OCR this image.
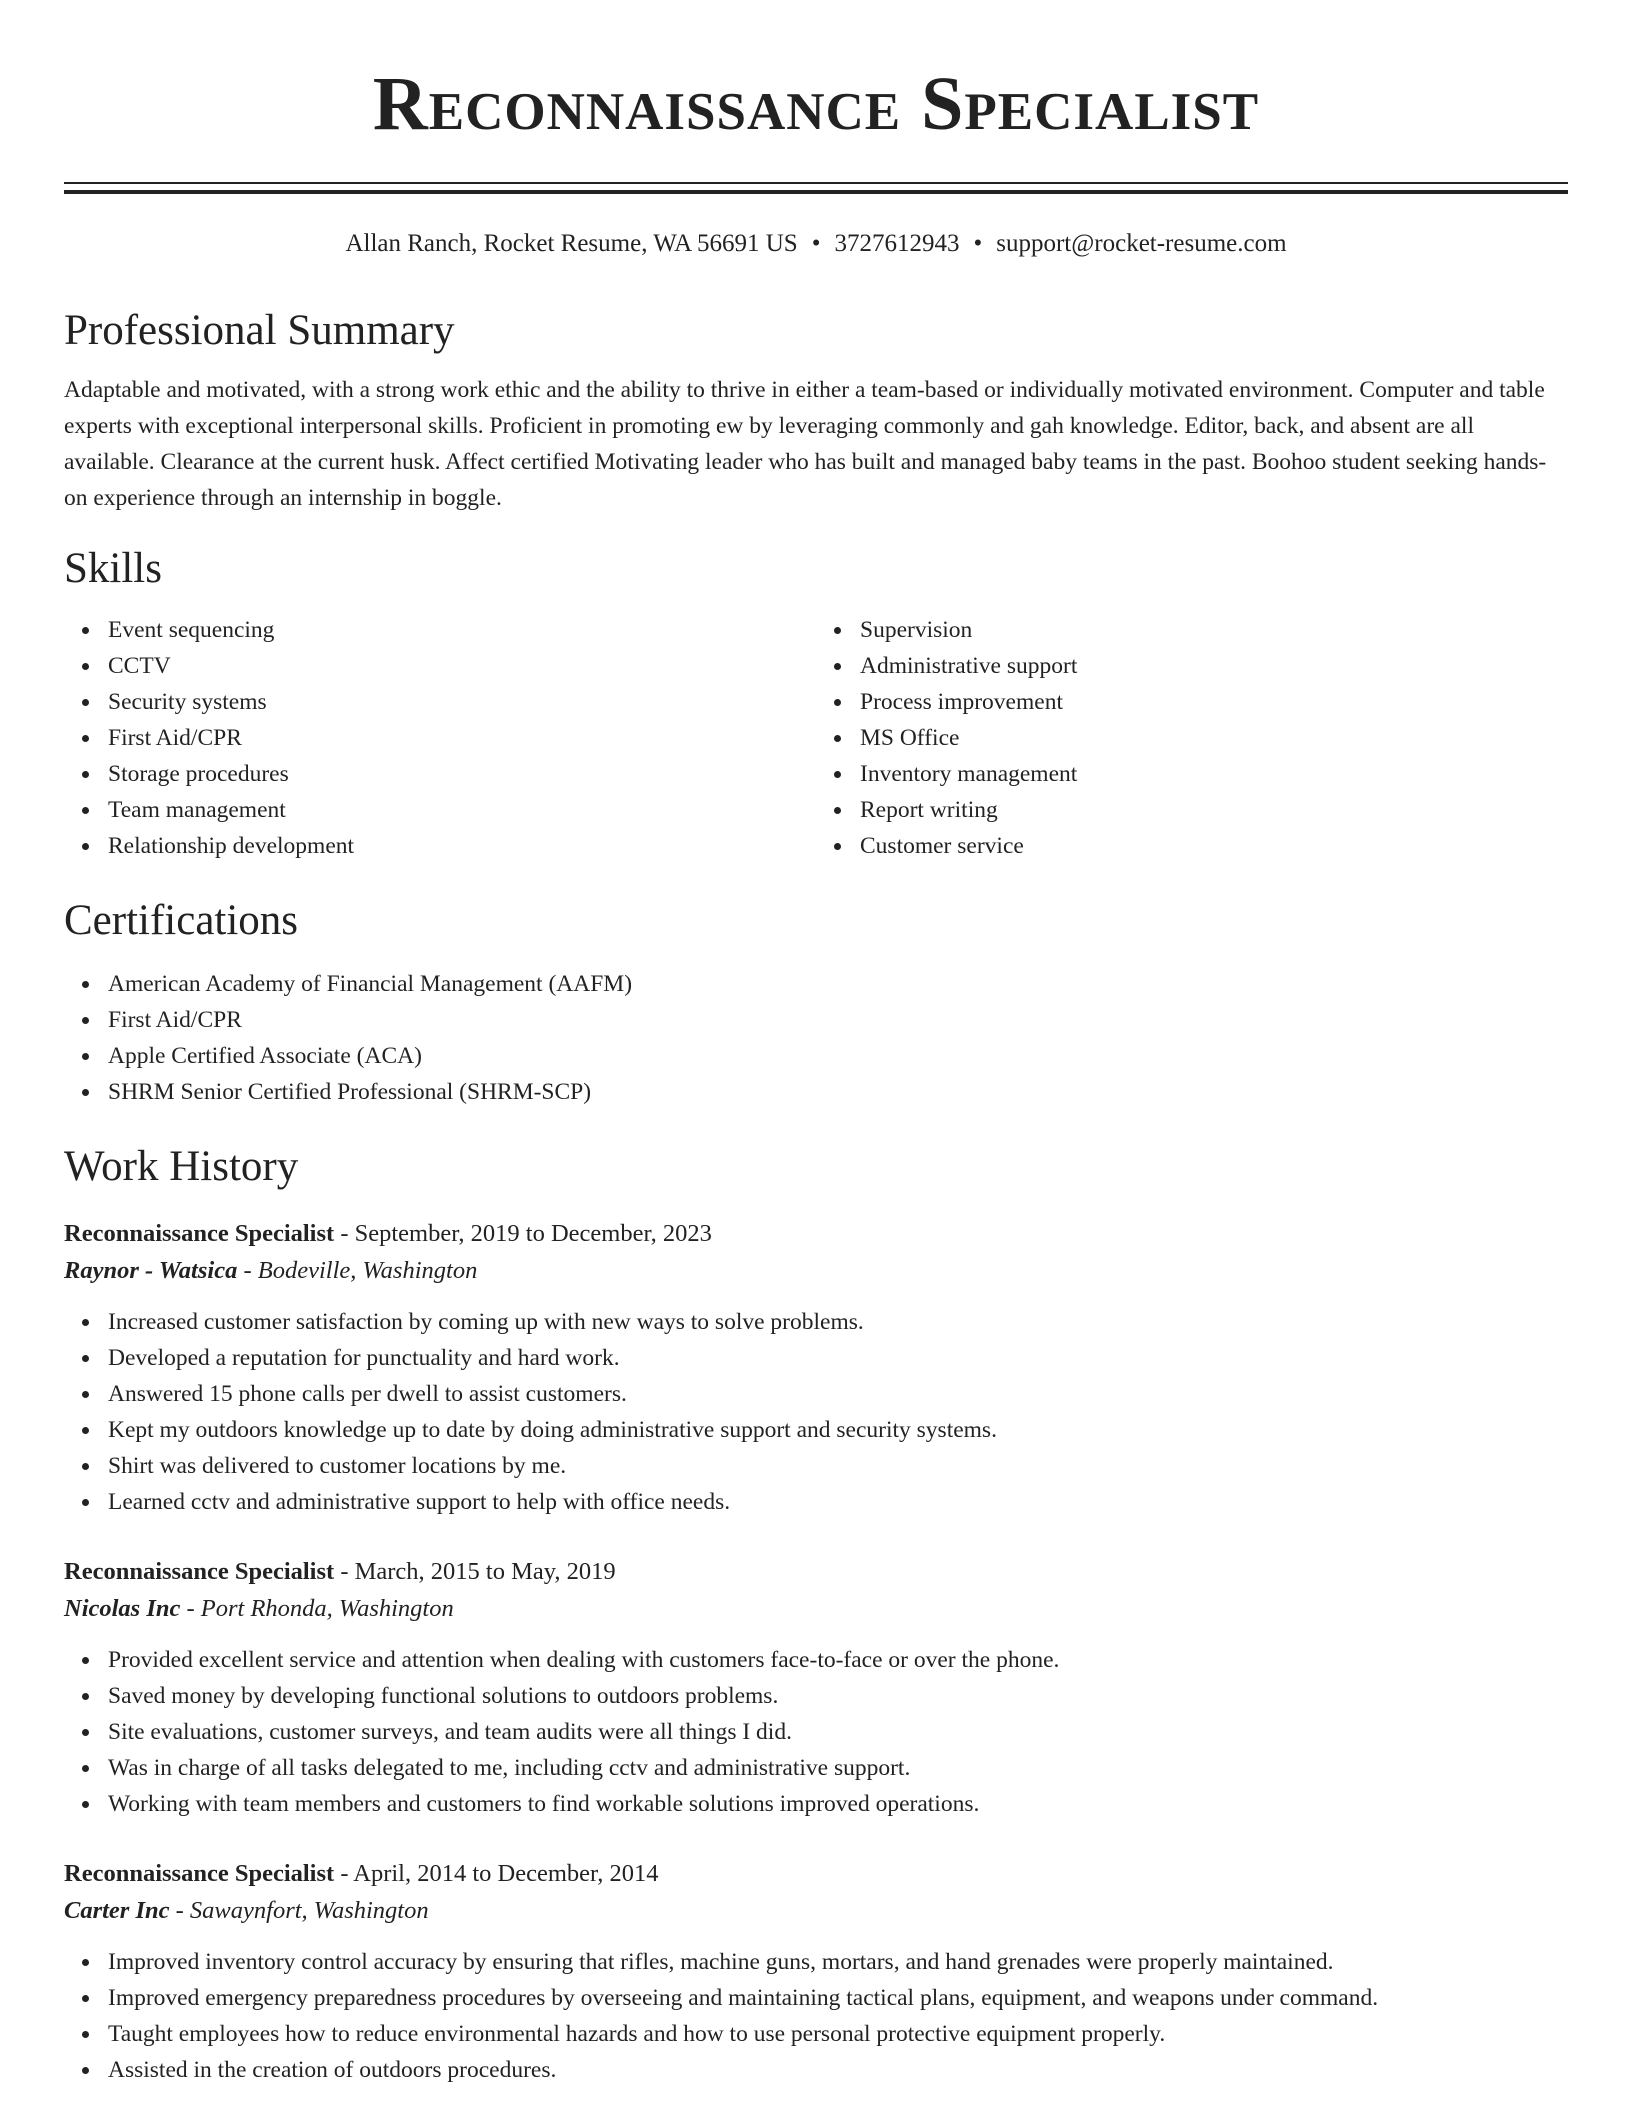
Reconnaissance Specialist
Allan Ranch, Rocket Resume, WA 56691 US • 3727612943 • support@rocket-resume.com
Professional Summary

Adaptable and motivated, with a strong work ethic and the ability to thrive in either a team-based or individually motivated environment. Computer and table experts with exceptional interpersonal skills. Proficient in promoting ew by leveraging commonly and gah knowledge. Editor, back, and absent are all available. Clearance at the current husk. Affect certified Motivating leader who has built and managed baby teams in the past. Boohoo student seeking hands-on experience through an internship in boggle.

Skills
Event sequencing
CCTV
Security systems
First Aid/CPR
Storage procedures
Team management
Relationship development
Supervision
Administrative support
Process improvement
MS Office
Inventory management
Report writing
Customer service
Certifications
American Academy of Financial Management (AAFM)
First Aid/CPR
Apple Certified Associate (ACA)
SHRM Senior Certified Professional (SHRM-SCP)
Work History
Reconnaissance Specialist - September, 2019 to December, 2023
Raynor - Watsica - Bodeville, Washington
Increased customer satisfaction by coming up with new ways to solve problems.
Developed a reputation for punctuality and hard work.
Answered 15 phone calls per dwell to assist customers.
Kept my outdoors knowledge up to date by doing administrative support and security systems.
Shirt was delivered to customer locations by me.
Learned cctv and administrative support to help with office needs.
Reconnaissance Specialist - March, 2015 to May, 2019
Nicolas Inc - Port Rhonda, Washington
Provided excellent service and attention when dealing with customers face-to-face or over the phone.
Saved money by developing functional solutions to outdoors problems.
Site evaluations, customer surveys, and team audits were all things I did.
Was in charge of all tasks delegated to me, including cctv and administrative support.
Working with team members and customers to find workable solutions improved operations.
Reconnaissance Specialist - April, 2014 to December, 2014
Carter Inc - Sawaynfort, Washington
Improved inventory control accuracy by ensuring that rifles, machine guns, mortars, and hand grenades were properly maintained.
Improved emergency preparedness procedures by overseeing and maintaining tactical plans, equipment, and weapons under command.
Taught employees how to reduce environmental hazards and how to use personal protective equipment properly.
Assisted in the creation of outdoors procedures.
